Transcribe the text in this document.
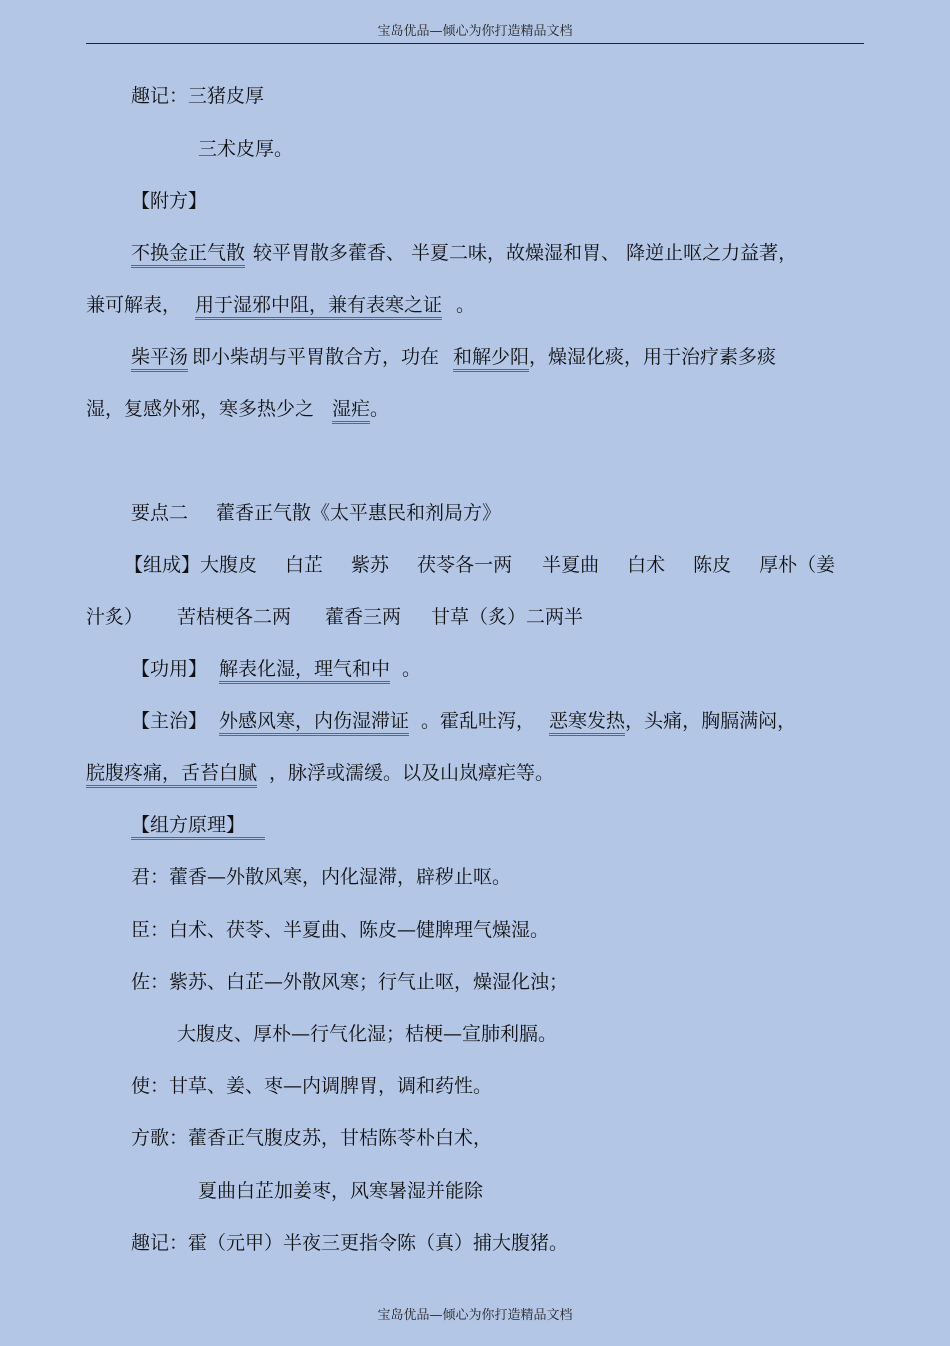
宝岛优品—倾心为你打造精品文档
趣记：三猪皮厚
三术皮厚。
【附方】
不换金正气散 较平胃散多藿香、 半夏二味，故燥湿和胃、 降逆止呕之力益著，
兼可解表， 用于湿邪中阻，兼有表寒之证 。
柴平汤 即小柴胡与平胃散合方，功在 和解少阳，燥湿化痰，用于治疗素多痰
湿，复感外邪，寒多热少之 湿疟。
要点二 藿香正气散《太平惠民和剂局方》
【组成】大腹皮 白芷 紫苏 茯苓各一两 半夏曲 白术 陈皮 厚朴（姜
汁炙） 苦桔梗各二两 藿香三两 甘草（炙）二两半
【功用】 解表化湿，理气和中 。
【主治】 外感风寒，内伤湿滞证 。霍乱吐泻， 恶寒发热，头痛，胸膈满闷，
脘腹疼痛，舌苔白腻 ，脉浮或濡缓。以及山岚瘴疟等。
【组方原理】
君：藿香—外散风寒，内化湿滞，辟秽止呕。
臣：白术、茯苓、半夏曲、陈皮—健脾理气燥湿。
佐：紫苏、白芷—外散风寒；行气止呕，燥湿化浊；
大腹皮、厚朴—行气化湿；桔梗—宣肺利膈。
使：甘草、姜、枣—内调脾胃，调和药性。
方歌：藿香正气腹皮苏，甘桔陈苓朴白术，
夏曲白芷加姜枣，风寒暑湿并能除
趣记：霍（元甲）半夜三更指令陈（真）捕大腹猪。
宝岛优品—倾心为你打造精品文档
